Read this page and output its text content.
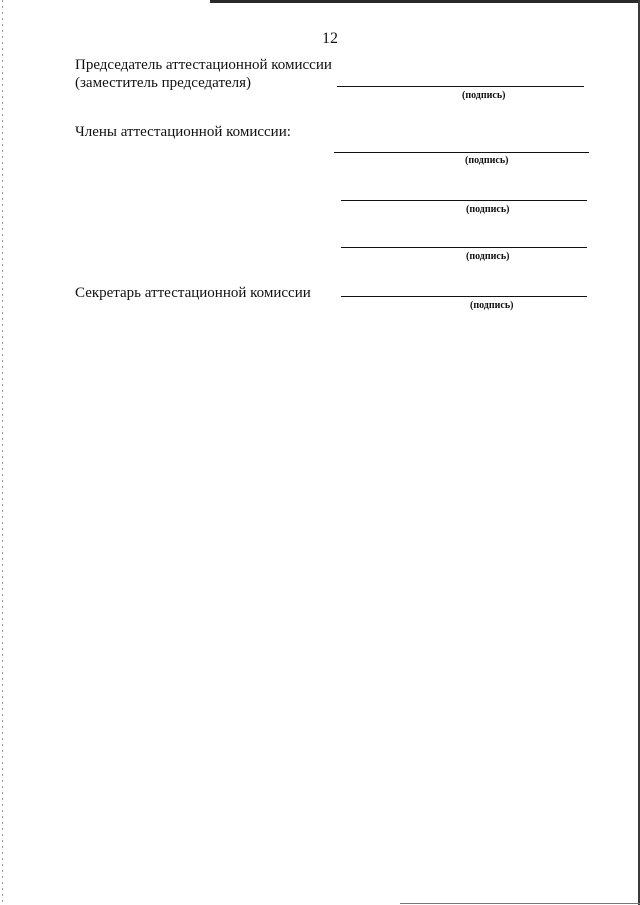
12
Председатель аттестационной комиссии
(заместитель председателя)
(подпись)
Члены аттестационной комиссии:
(подпись)
(подпись)
(подпись)
Секретарь аттестационной комиссии
(подпись)
